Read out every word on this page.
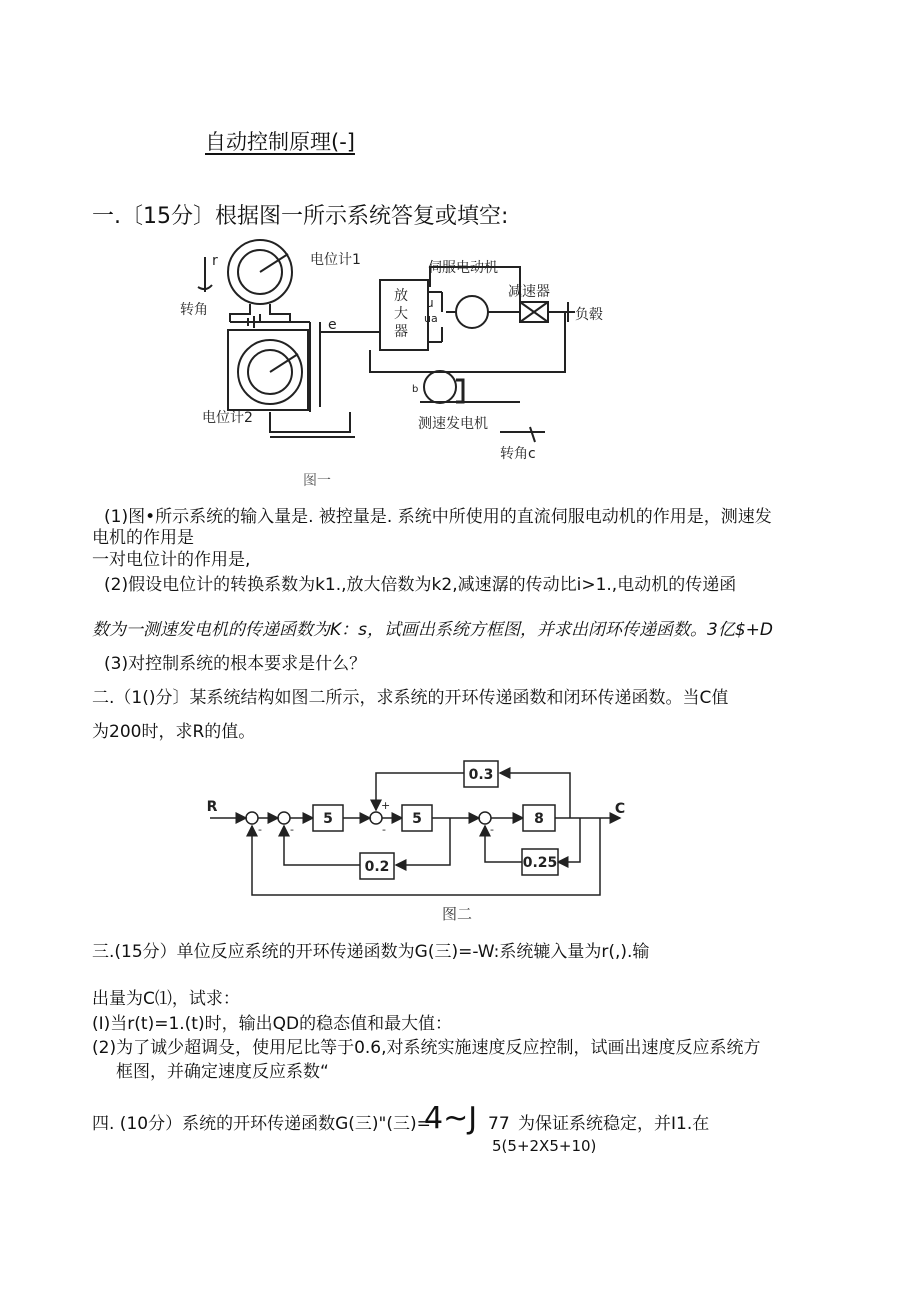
自动控制原理(-]
一.〔15分〕根据图一所示系统答复或填空:
r
转角
电位计1
电位计2
e
放
大
器
伺服电动机
u
ua
减速器
负毂
b
测速发电机
转角c
图一
(1)图•所示系统的输入量是. 被控量是. 系统中所使用的直流伺服电动机的作用是，测速发
电机的作用是
一对电位计的作用是,
(2)假设电位计的转换系数为k1.,放大倍数为k2,减速潺的传动比i>1.,电动机的传递函
数为一测速发电机的传递函数为K：s，试画出系统方框图，并求出闭环传递函数。3亿$+D
(3)对控制系统的根本要求是什么？
二.（1()分〕某系统结构如图二所示，求系统的开环传递函数和闭环传递函数。当C值
为200时，求R的值。
R	C
5	5	8
0.3
0.2	0.25
-	-
+
-	-
图二
三.(15分）单位反应系统的开环传递函数为G(三)=-W:系统辘入量为r(,).输
出量为C⑴，试求：
(I)当r(t)=1.(t)时，输出QD的稳态值和最大值：
(2)为了诚少超调殳，使用尼比等于0.6,对系统实施速度反应控制，试画出速度反应系统方
框图，并确定速度反应系数“
四. (10分）系统的开环传递函数G(三)"(三)=
4~J 77 为保证系统稳定，并I1.在
5(5+2X5+10)
